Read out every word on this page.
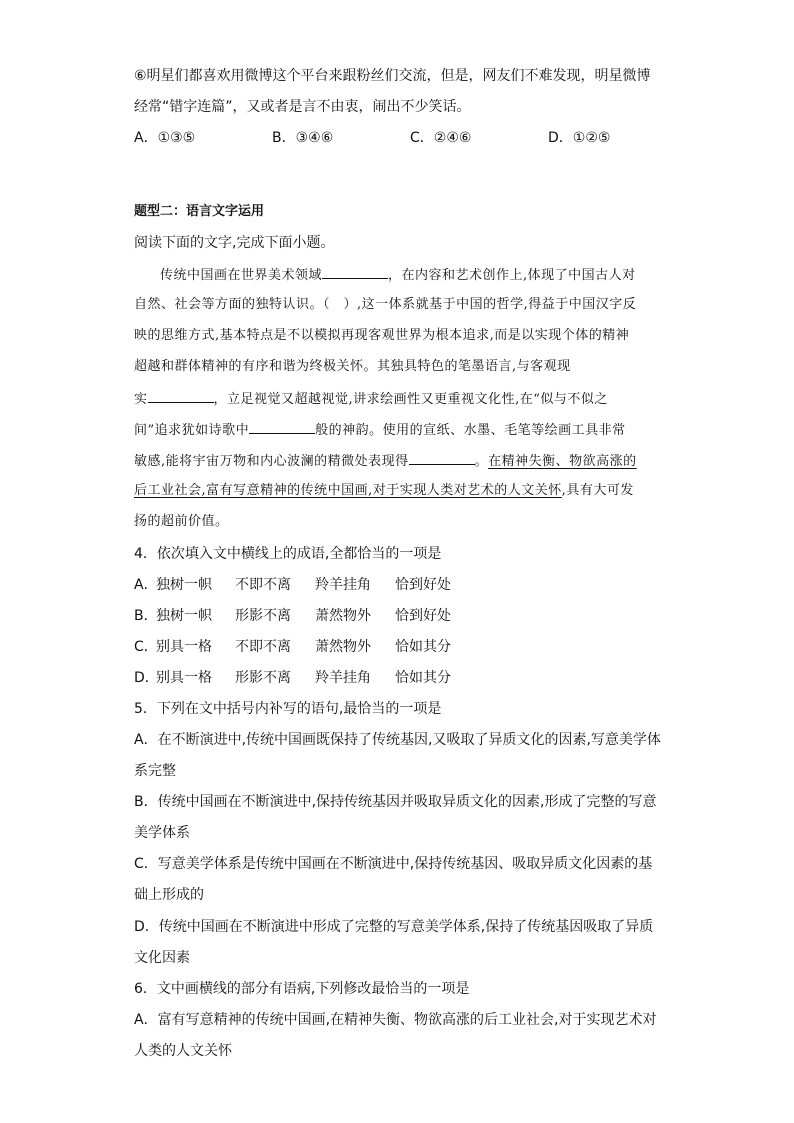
⑥明星们都喜欢用微博这个平台来跟粉丝们交流，但是，网友们不难发现，明星微博
经常“错字连篇”，又或者是言不由衷，闹出不少笑话。
A．①③⑤	B．③④⑥	C．②④⑥	D．①②⑤
题型二：语言文字运用
阅读下面的文字,完成下面小题。
传统中国画在世界美术领域	，在内容和艺术创作上,体现了中国古人对
自然、社会等方面的独特认识。（　）,这一体系就基于中国的哲学,得益于中国汉字反
映的思维方式,基本特点是不以模拟再现客观世界为根本追求,而是以实现个体的精神
超越和群体精神的有序和谐为终极关怀。其独具特色的笔墨语言,与客观现
实	，立足视觉又超越视觉,讲求绘画性又更重视文化性,在“似与不似之
间”追求犹如诗歌中	般的神韵。使用的宣纸、水墨、毛笔等绘画工具非常
敏感,能将宇宙万物和内心波澜的精微处表现得	。在精神失衡、物欲高涨的
后工业社会,富有写意精神的传统中国画,对于实现人类对艺术的人文关怀,具有大可发
扬的超前价值。
4．依次填入文中横线上的成语,全都恰当的一项是
A．
独树一帜 不即不离 羚羊挂角 恰到好处
B．
独树一帜 形影不离 萧然物外 恰到好处
C．
别具一格 不即不离 萧然物外 恰如其分
D．
别具一格 形影不离 羚羊挂角 恰如其分
5．下列在文中括号内补写的语句,最恰当的一项是
A．在不断演进中,传统中国画既保持了传统基因,又吸取了异质文化的因素,写意美学体
系完整
B．传统中国画在不断演进中,保持传统基因并吸取异质文化的因素,形成了完整的写意
美学体系
C．写意美学体系是传统中国画在不断演进中,保持传统基因、吸取异质文化因素的基
础上形成的
D．传统中国画在不断演进中形成了完整的写意美学体系,保持了传统基因吸取了异质
文化因素
6．文中画横线的部分有语病,下列修改最恰当的一项是
A．富有写意精神的传统中国画,在精神失衡、物欲高涨的后工业社会,对于实现艺术对
人类的人文关怀
